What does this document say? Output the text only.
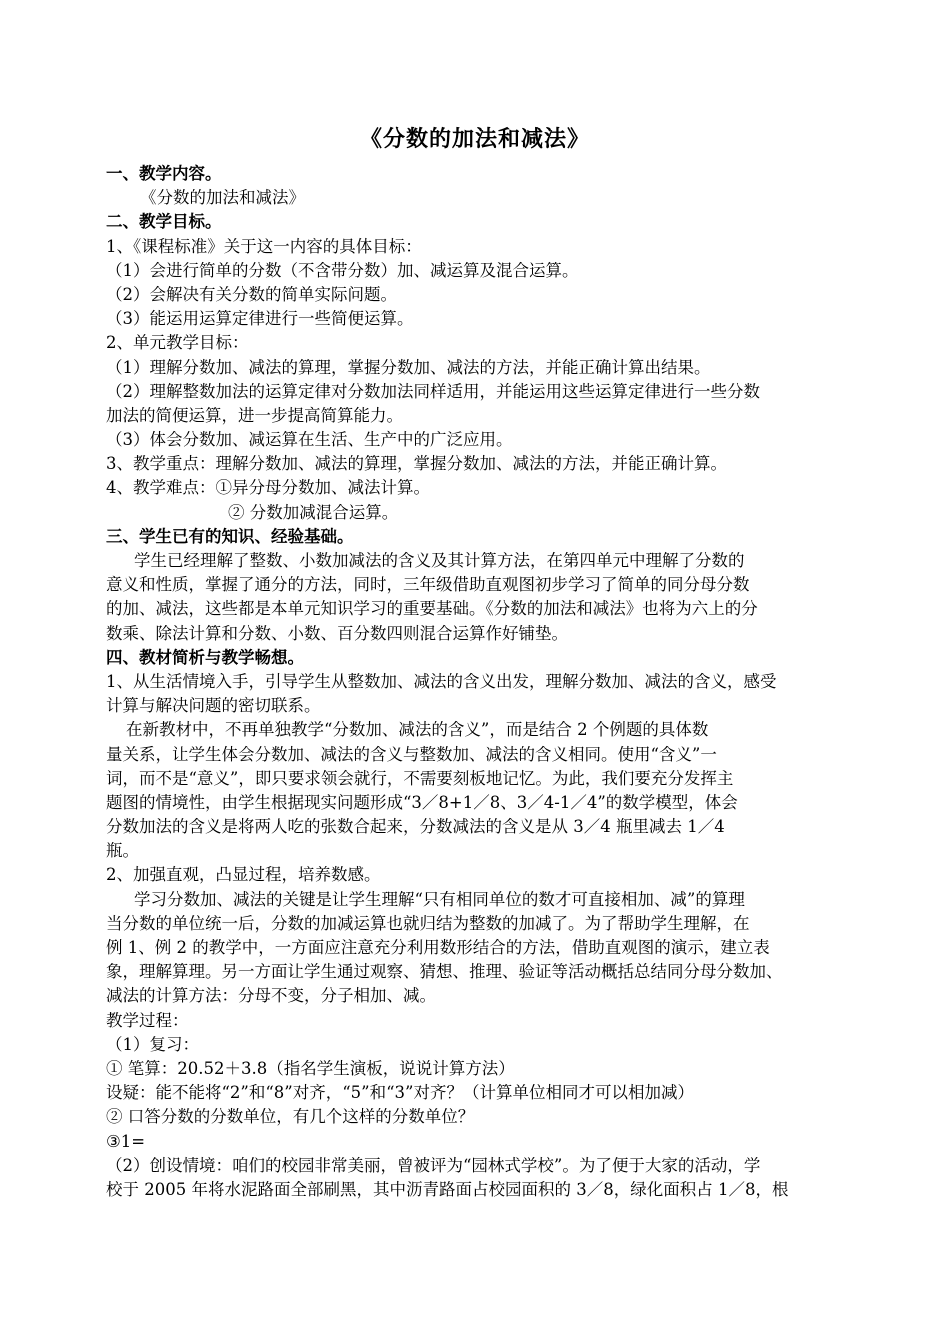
《分数的加法和减法》
一、教学内容。
《分数的加法和减法》
二、教学目标。
1、《课程标准》关于这一内容的具体目标：
（1）会进行简单的分数（不含带分数）加、减运算及混合运算。
（2）会解决有关分数的简单实际问题。
（3）能运用运算定律进行一些简便运算。
2、单元教学目标：
（1）理解分数加、减法的算理，掌握分数加、减法的方法，并能正确计算出结果。
（2）理解整数加法的运算定律对分数加法同样适用，并能运用这些运算定律进行一些分数
加法的简便运算，进一步提高简算能力。
（3）体会分数加、减运算在生活、生产中的广泛应用。
3、教学重点：理解分数加、减法的算理，掌握分数加、减法的方法，并能正确计算。
4、教学难点：①异分母分数加、减法计算。
② 分数加减混合运算。
三、学生已有的知识、经验基础。
学生已经理解了整数、小数加减法的含义及其计算方法，在第四单元中理解了分数的
意义和性质，掌握了通分的方法，同时，三年级借助直观图初步学习了简单的同分母分数
的加、减法，这些都是本单元知识学习的重要基础。《分数的加法和减法》也将为六上的分
数乘、除法计算和分数、小数、百分数四则混合运算作好铺垫。
四、教材简析与教学畅想。
1、从生活情境入手，引导学生从整数加、减法的含义出发，理解分数加、减法的含义，感受
计算与解决问题的密切联系。
在新教材中，不再单独教学“分数加、减法的含义”，而是结合 2 个例题的具体数
量关系，让学生体会分数加、减法的含义与整数加、减法的含义相同。使用“含义”一
词，而不是“意义”，即只要求领会就行，不需要刻板地记忆。为此，我们要充分发挥主
题图的情境性，由学生根据现实问题形成“3／8+1／8、3／4-1／4”的数学模型，体会
分数加法的含义是将两人吃的张数合起来，分数减法的含义是从 3／4 瓶里减去 1／4
瓶。
2、加强直观，凸显过程，培养数感。
学习分数加、减法的关键是让学生理解“只有相同单位的数才可直接相加、减”的算理
当分数的单位统一后，分数的加减运算也就归结为整数的加减了。为了帮助学生理解，在
例 1、例 2 的教学中，一方面应注意充分利用数形结合的方法，借助直观图的演示，建立表
象，理解算理。另一方面让学生通过观察、猜想、推理、验证等活动概括总结同分母分数加、
减法的计算方法：分母不变，分子相加、减。
教学过程：
（1）复习：
① 笔算：20.52＋3.8（指名学生演板，说说计算方法）
设疑：能不能将“2”和“8”对齐，“5”和“3”对齐？（计算单位相同才可以相加减）
② 口答分数的分数单位，有几个这样的分数单位？
③1=
（2）创设情境：咱们的校园非常美丽，曾被评为“园林式学校”。为了便于大家的活动，学
校于 2005 年将水泥路面全部刷黑，其中沥青路面占校园面积的 3／8，绿化面积占 1／8，根
